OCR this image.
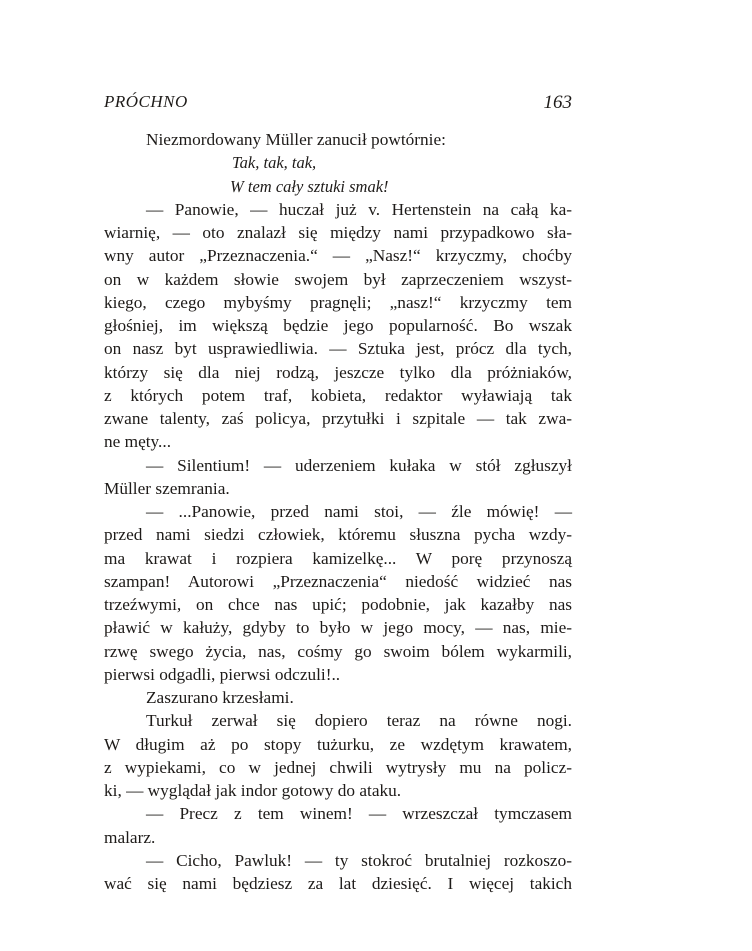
PRÓCHNO	163
Niezmordowany Müller zanucił powtórnie:
Tak, tak, tak,
W tem cały sztuki smak!
— Panowie, — huczał już v. Hertenstein na całą ka-
wiarnię, — oto znalazł się między nami przypadkowo sła-
wny autor „Przeznaczenia.“ — „Nasz!“ krzyczmy, choćby
on w każdem słowie swojem był zaprzeczeniem wszyst-
kiego, czego mybyśmy pragnęli; „nasz!“ krzyczmy tem
głośniej, im większą będzie jego popularność. Bo wszak
on nasz byt usprawiedliwia. — Sztuka jest, prócz dla tych,
którzy się dla niej rodzą, jeszcze tylko dla próżniaków,
z których potem traf, kobieta, redaktor wyławiają tak
zwane talenty, zaś policya, przytułki i szpitale — tak zwa-
ne męty...
— Silentium! — uderzeniem kułaka w stół zgłuszył
Müller szemrania.
— ...Panowie, przed nami stoi, — źle mówię! —
przed nami siedzi człowiek, któremu słuszna pycha wzdy-
ma krawat i rozpiera kamizelkę... W porę przynoszą
szampan! Autorowi „Przeznaczenia“ niedość widzieć nas
trzeźwymi, on chce nas upić; podobnie, jak kazałby nas
pławić w kałuży, gdyby to było w jego mocy, — nas, mie-
rzwę swego życia, nas, cośmy go swoim bólem wykarmili,
pierwsi odgadli, pierwsi odczuli!..
Zaszurano krzesłami.
Turkuł zerwał się dopiero teraz na równe nogi.
W długim aż po stopy tużurku, ze wzdętym krawatem,
z wypiekami, co w jednej chwili wytrysły mu na policz-
ki, — wyglądał jak indor gotowy do ataku.
— Precz z tem winem! — wrzeszczał tymczasem
malarz.
— Cicho, Pawluk! — ty stokroć brutalniej rozkoszo-
wać się nami będziesz za lat dziesięć. I więcej takich
